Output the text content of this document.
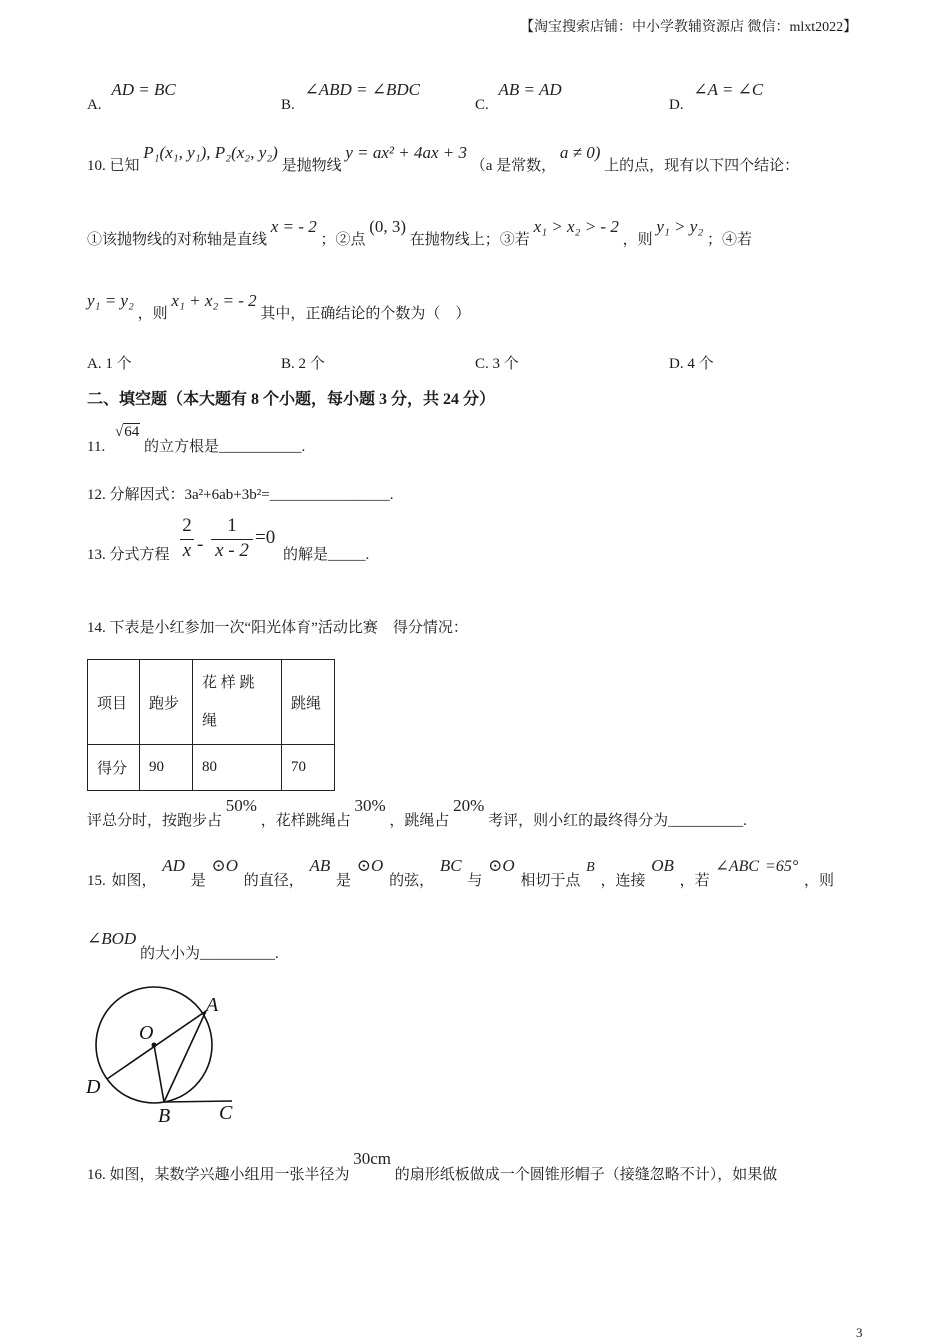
【淘宝搜索店铺：中小学教辅资源店 微信：mlxt2022】
A. AD = BC
B. ∠ABD = ∠BDC
C. AB = AD
D. ∠A = ∠C
10. 已知 P₁(x₁, y₁), P₂(x₂, y₂) 是抛物线 y = ax² + 4ax + 3 （a 是常数， a ≠ 0) 上的点，现有以下四个结论：
①该抛物线的对称轴是直线 x = - 2 ；②点 (0, 3) 在抛物线上；③若 x₁ > x₂ > - 2 ，则 y₁ > y₂ ；④若
y₁ = y₂ ，则 x₁ + x₂ = - 2 其中，正确结论的个数为（　）
A. 1 个	B. 2 个	C. 3 个	D. 4 个
二、填空题（本大题有 8 个小题，每小题 3 分，共 24 分）
11. √64 的立方根是___________.
12. 分解因式：3a²+6ab+3b²=________________.
13. 分式方程
2
x -
1
x - 2
=0
的解是_____.
14. 下表是小红参加一次“阳光体育”活动比赛　得分情况：
项目	跑步	花 样 跳 绳	跳绳
得分	90	80	70
评总分时，按跑步占 50% ，花样跳绳占 30% ，跳绳占 20% 考评，则小红的最终得分为__________.
15. 如图， AD 是 ⊙O 的直径， AB 是 ⊙O 的弦， BC 与 ⊙O 相切于点 B ，连接 OB ，若 ∠ABC =65° ，则
∠BOD 的大小为__________.
A
O
D
B C
16. 如图，某数学兴趣小组用一张半径为 30cm 的扇形纸板做成一个圆锥形帽子（接缝忽略不计），如果做
3
